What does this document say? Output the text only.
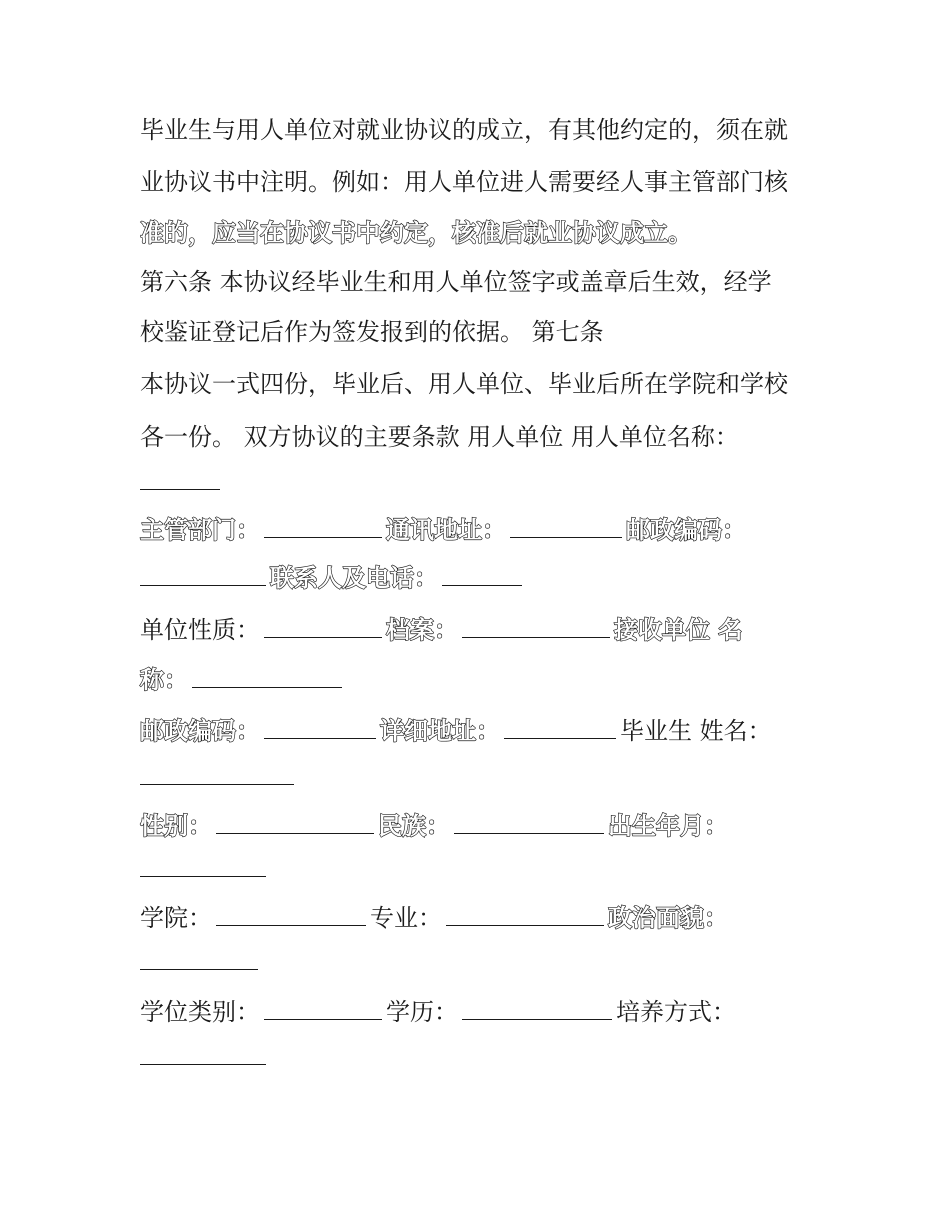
毕业生与用人单位对就业协议的成立，有其他约定的，须在就
业协议书中注明。例如：用人单位进人需要经人事主管部门核
准的，应当在协议书中约定，核准后就业协议成立。
第六条 本协议经毕业生和用人单位签字或盖章后生效，经学
校鉴证登记后作为签发报到的依据。 第七条
本协议一式四份，毕业后、用人单位、毕业后所在学院和学校
各一份。 双方协议的主要条款 用人单位 用人单位名称：
主管部门：	通讯地址：	邮政编码：
联系人及电话：
单位性质：	档案：	接收单位 名
称：
邮政编码：	详细地址：	毕业生 姓名：
性别：	民族：	出生年月：
学院：	专业：	政治面貌：
学位类别：	学历：	培养方式：
